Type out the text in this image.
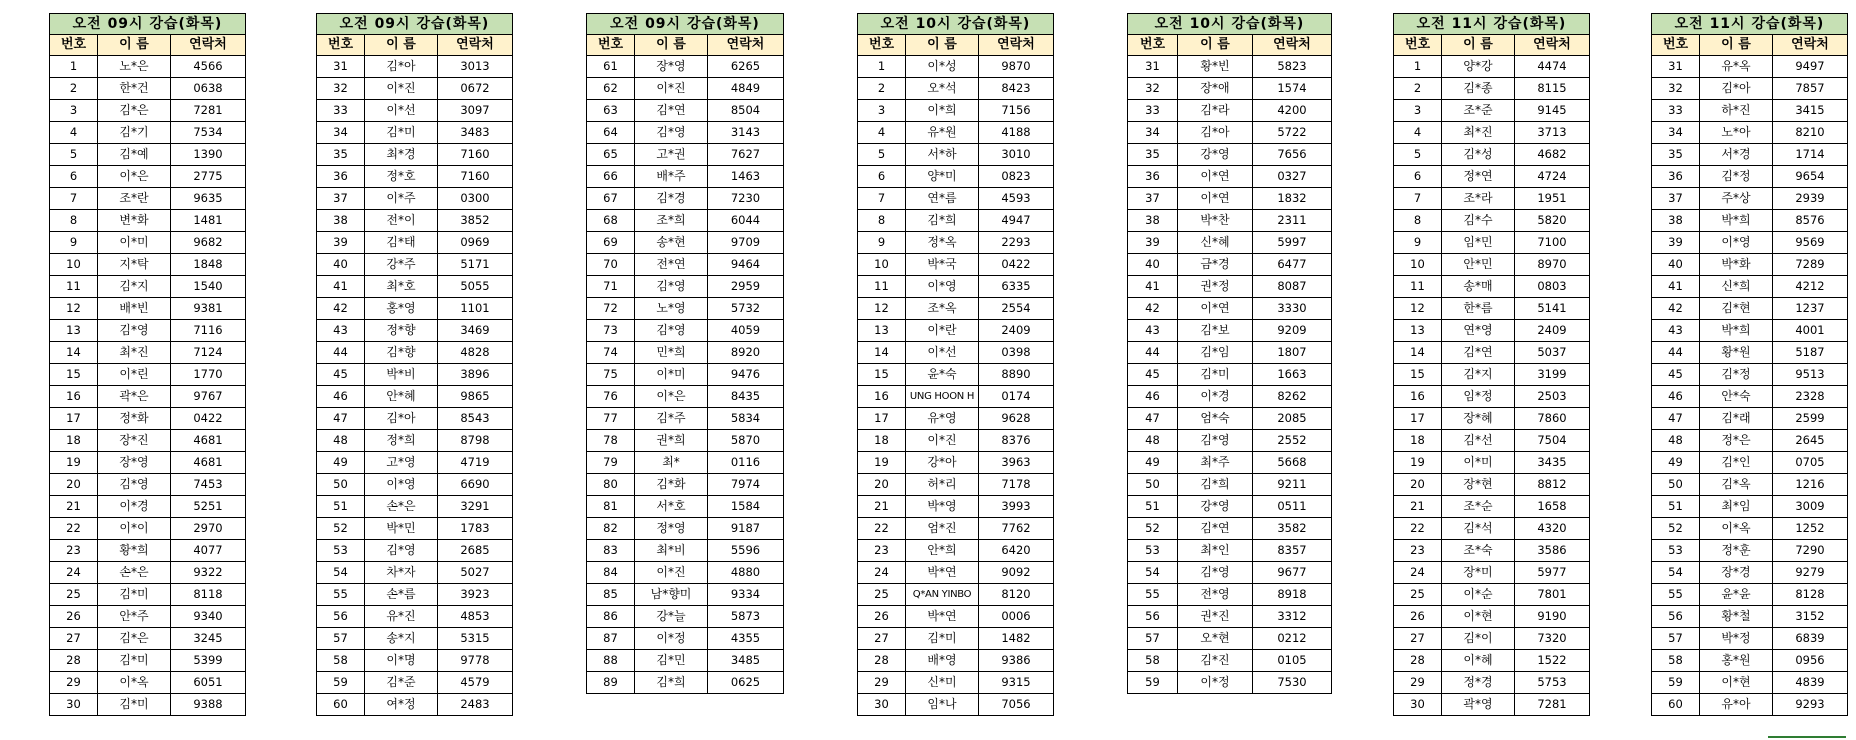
오전 09시 강습(화목)		
번호	이 름	연락처
1	노*은	4566
2	한*건	0638
3	김*은	7281
4	김*기	7534
5	김*예	1390
6	이*은	2775
7	조*란	9635
8	변*화	1481
9	이*미	9682
10	지*탁	1848
11	김*지	1540
12	배*빈	9381
13	김*영	7116
14	최*진	7124
15	이*린	1770
16	곽*은	9767
17	정*화	0422
18	장*진	4681
19	장*영	4681
20	김*영	7453
21	이*경	5251
22	이*이	2970
23	황*희	4077
24	손*은	9322
25	김*미	8118
26	안*주	9340
27	김*은	3245
28	김*미	5399
29	이*옥	6051
30	김*미	9388
오전 09시 강습(화목)		
번호	이 름	연락처
31	김*아	3013
32	이*진	0672
33	이*선	3097
34	김*미	3483
35	최*경	7160
36	정*호	7160
37	이*주	0300
38	전*이	3852
39	김*태	0969
40	강*주	5171
41	최*호	5055
42	홍*영	1101
43	정*향	3469
44	김*향	4828
45	박*비	3896
46	안*혜	9865
47	김*아	8543
48	정*희	8798
49	고*영	4719
50	이*영	6690
51	손*은	3291
52	박*민	1783
53	김*영	2685
54	차*자	5027
55	손*름	3923
56	유*진	4853
57	송*지	5315
58	이*명	9778
59	김*준	4579
60	여*정	2483
오전 09시 강습(화목)		
번호	이 름	연락처
61	장*영	6265
62	이*진	4849
63	김*연	8504
64	김*영	3143
65	고*권	7627
66	배*주	1463
67	김*경	7230
68	조*희	6044
69	송*현	9709
70	전*연	9464
71	김*영	2959
72	노*영	5732
73	김*영	4059
74	민*희	8920
75	이*미	9476
76	이*은	8435
77	김*주	5834
78	권*희	5870
79	최*	0116
80	김*화	7974
81	서*호	1584
82	정*영	9187
83	최*비	5596
84	이*진	4880
85	남*향미	9334
86	강*늘	5873
87	이*정	4355
88	김*민	3485
89	김*희	0625
오전 10시 강습(화목)		
번호	이 름	연락처
1	이*성	9870
2	오*석	8423
3	이*희	7156
4	유*원	4188
5	서*하	3010
6	양*미	0823
7	연*름	4593
8	김*희	4947
9	정*옥	2293
10	박*국	0422
11	이*영	6335
12	조*옥	2554
13	이*란	2409
14	이*선	0398
15	윤*숙	8890
16	UNG HOON H	0174
17	유*영	9628
18	이*진	8376
19	강*아	3963
20	허*리	7178
21	박*영	3993
22	엄*진	7762
23	안*희	6420
24	박*연	9092
25	Q*AN YINBO	8120
26	박*연	0006
27	김*미	1482
28	배*영	9386
29	신*미	9315
30	임*나	7056
오전 10시 강습(화목)		
번호	이 름	연락처
31	황*빈	5823
32	장*애	1574
33	김*라	4200
34	김*아	5722
35	강*영	7656
36	이*연	0327
37	이*연	1832
38	박*찬	2311
39	신*혜	5997
40	금*경	6477
41	권*정	8087
42	이*연	3330
43	김*보	9209
44	김*임	1807
45	김*미	1663
46	이*경	8262
47	엄*숙	2085
48	김*영	2552
49	최*주	5668
50	김*희	9211
51	강*영	0511
52	김*연	3582
53	최*인	8357
54	김*영	9677
55	전*영	8918
56	권*진	3312
57	오*현	0212
58	김*진	0105
59	이*정	7530
오전 11시 강습(화목)		
번호	이 름	연락처
1	양*강	4474
2	김*종	8115
3	조*준	9145
4	최*진	3713
5	김*성	4682
6	정*연	4724
7	조*라	1951
8	김*수	5820
9	임*민	7100
10	안*민	8970
11	송*매	0803
12	한*름	5141
13	연*영	2409
14	김*연	5037
15	김*지	3199
16	임*정	2503
17	장*혜	7860
18	김*선	7504
19	이*미	3435
20	장*현	8812
21	조*순	1658
22	김*석	4320
23	조*숙	3586
24	장*미	5977
25	이*순	7801
26	이*현	9190
27	김*이	7320
28	이*혜	1522
29	정*경	5753
30	곽*영	7281
오전 11시 강습(화목)		
번호	이 름	연락처
31	유*옥	9497
32	김*아	7857
33	하*진	3415
34	노*아	8210
35	서*경	1714
36	김*정	9654
37	주*상	2939
38	박*희	8576
39	이*영	9569
40	박*화	7289
41	신*희	4212
42	김*현	1237
43	박*희	4001
44	황*원	5187
45	김*정	9513
46	안*숙	2328
47	김*래	2599
48	정*은	2645
49	김*인	0705
50	김*옥	1216
51	최*임	3009
52	이*옥	1252
53	정*훈	7290
54	장*경	9279
55	윤*윤	8128
56	황*철	3152
57	박*정	6839
58	홍*원	0956
59	이*현	4839
60	유*아	9293
